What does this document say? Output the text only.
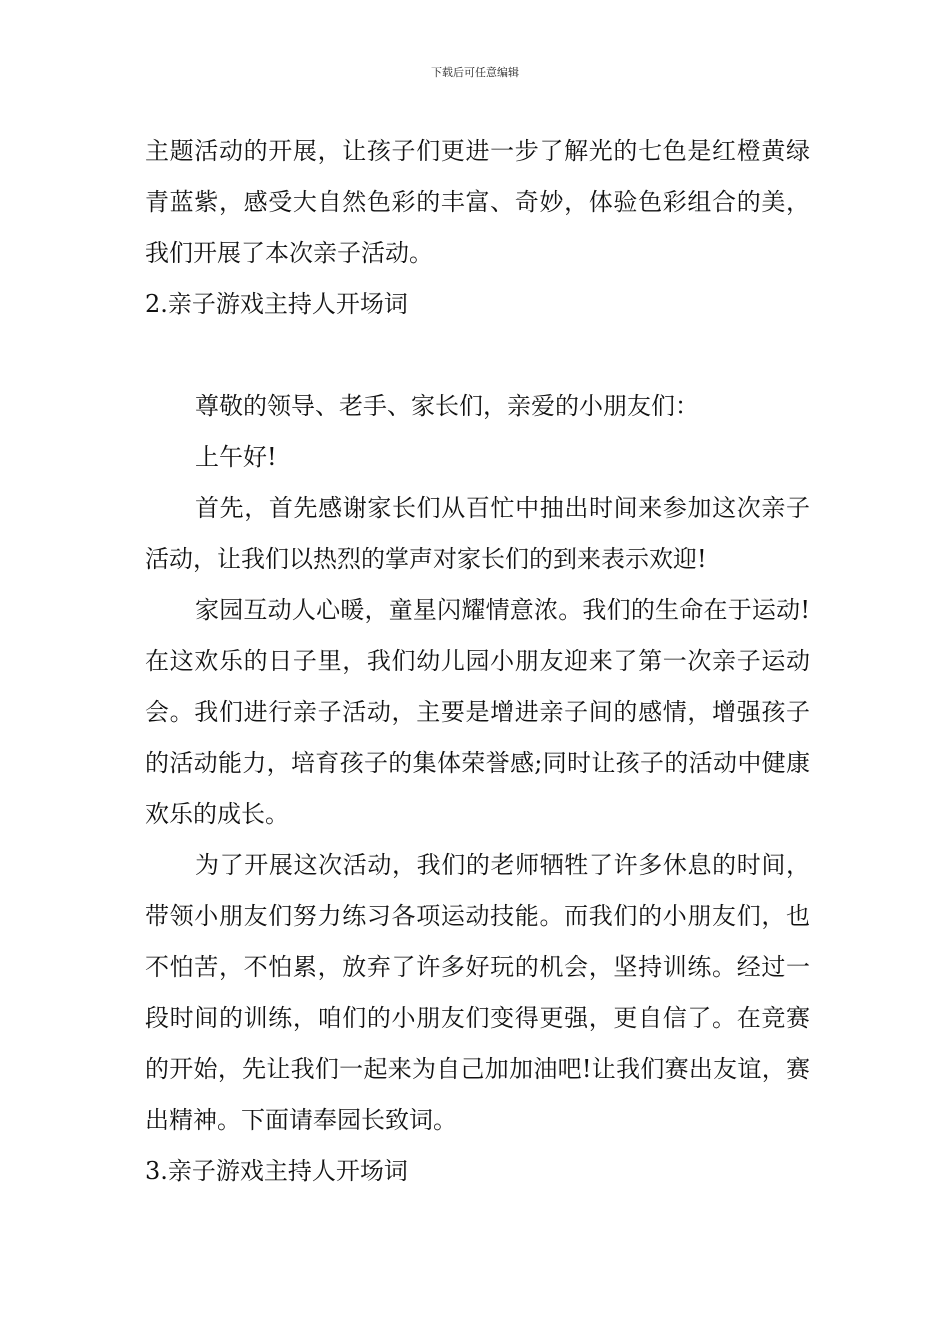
下载后可任意编辑

主题活动的开展，让孩子们更进一步了解光的七色是红橙黄绿青蓝紫，感受大自然色彩的丰富、奇妙，体验色彩组合的美，我们开展了本次亲子活动。

2.亲子游戏主持人开场词

尊敬的领导、老手、家长们，亲爱的小朋友们：

上午好!

首先，首先感谢家长们从百忙中抽出时间来参加这次亲子活动，让我们以热烈的掌声对家长们的到来表示欢迎!

家园互动人心暖，童星闪耀情意浓。我们的生命在于运动!在这欢乐的日子里，我们幼儿园小朋友迎来了第一次亲子运动会。我们进行亲子活动，主要是增进亲子间的感情，增强孩子的活动能力，培育孩子的集体荣誉感;同时让孩子的活动中健康欢乐的成长。

为了开展这次活动，我们的老师牺牲了许多休息的时间，带领小朋友们努力练习各项运动技能。而我们的小朋友们，也不怕苦，不怕累，放弃了许多好玩的机会，坚持训练。经过一段时间的训练，咱们的小朋友们变得更强，更自信了。在竞赛的开始，先让我们一起来为自己加加油吧!让我们赛出友谊，赛出精神。下面请奉园长致词。

3.亲子游戏主持人开场词
